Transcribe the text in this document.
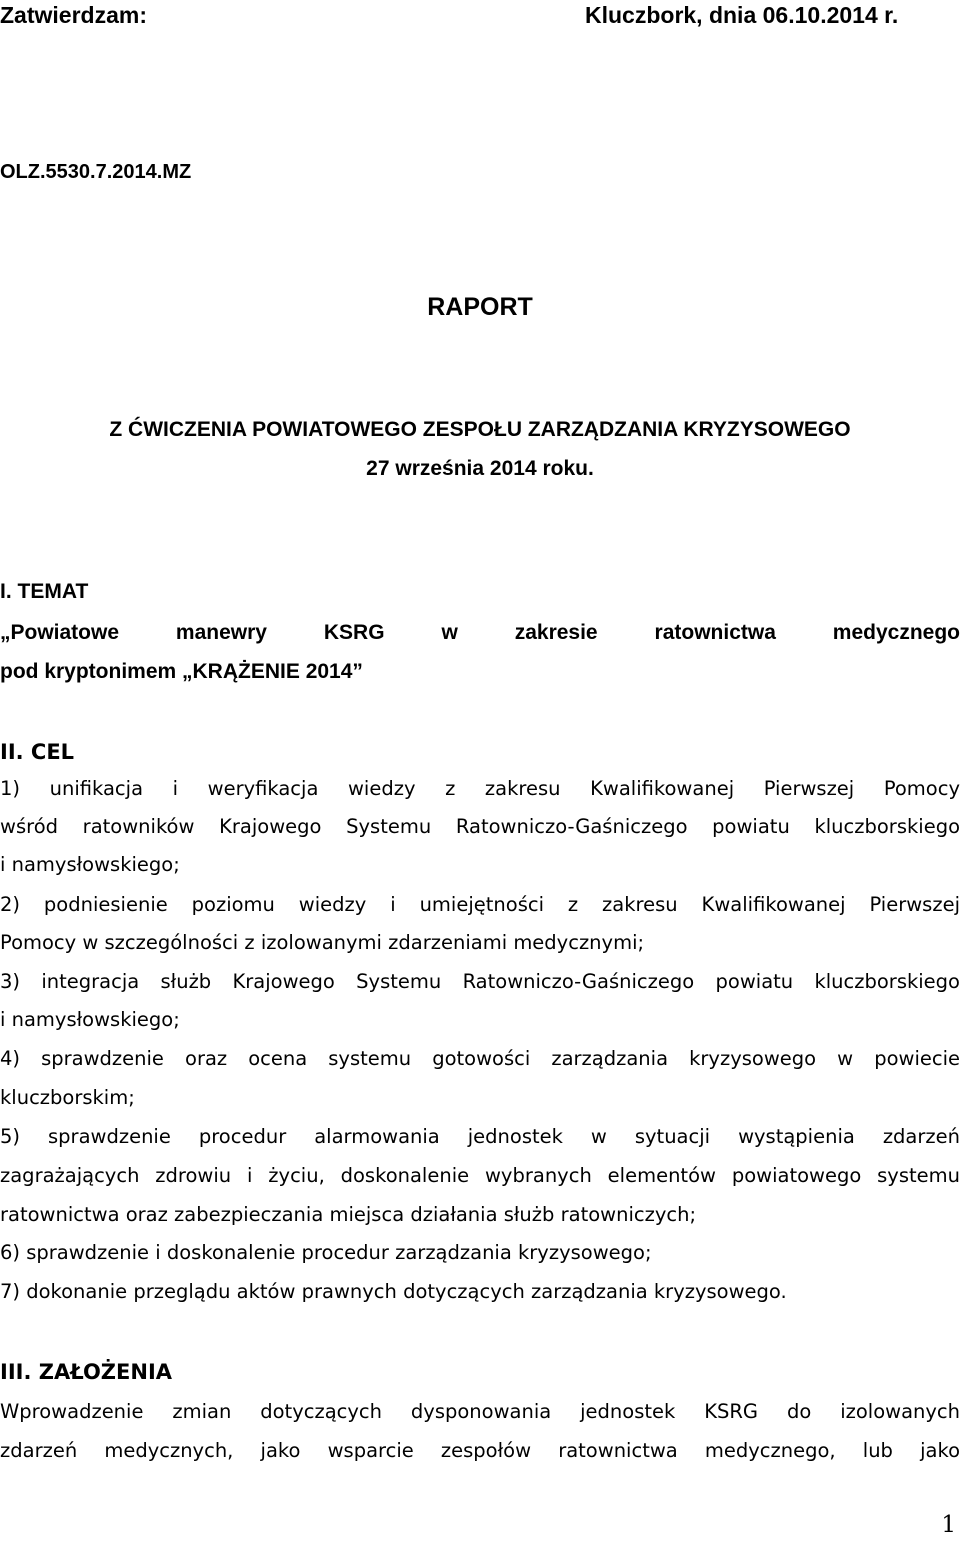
Zatwierdzam:	Kluczbork, dnia 06.10.2014 r.
OLZ.5530.7.2014.MZ
RAPORT
Z ĆWICZENIA POWIATOWEGO ZESPOŁU ZARZĄDZANIA KRYZYSOWEGO
27 września 2014 roku.
I. TEMAT
„Powiatowe manewry KSRG w zakresie ratownictwa medycznego
pod kryptonimem „KRĄŻENIE 2014”
II. CEL
1) unifikacja i weryfikacja wiedzy z zakresu Kwalifikowanej Pierwszej Pomocy
wśród ratowników Krajowego Systemu Ratowniczo-Gaśniczego powiatu kluczborskiego
i namysłowskiego;
2) podniesienie poziomu wiedzy i umiejętności z zakresu Kwalifikowanej Pierwszej
Pomocy w szczególności z izolowanymi zdarzeniami medycznymi;
3) integracja służb Krajowego Systemu Ratowniczo-Gaśniczego powiatu kluczborskiego
i namysłowskiego;
4) sprawdzenie oraz ocena systemu gotowości zarządzania kryzysowego w powiecie
kluczborskim;
5) sprawdzenie procedur alarmowania jednostek w sytuacji wystąpienia zdarzeń
zagrażających zdrowiu i życiu, doskonalenie wybranych elementów powiatowego systemu
ratownictwa oraz zabezpieczania miejsca działania służb ratowniczych;
6) sprawdzenie i doskonalenie procedur zarządzania kryzysowego;
7) dokonanie przeglądu aktów prawnych dotyczących zarządzania kryzysowego.
III. ZAŁOŻENIA
Wprowadzenie zmian dotyczących dysponowania jednostek KSRG do izolowanych
zdarzeń medycznych, jako wsparcie zespołów ratownictwa medycznego, lub jako
1
